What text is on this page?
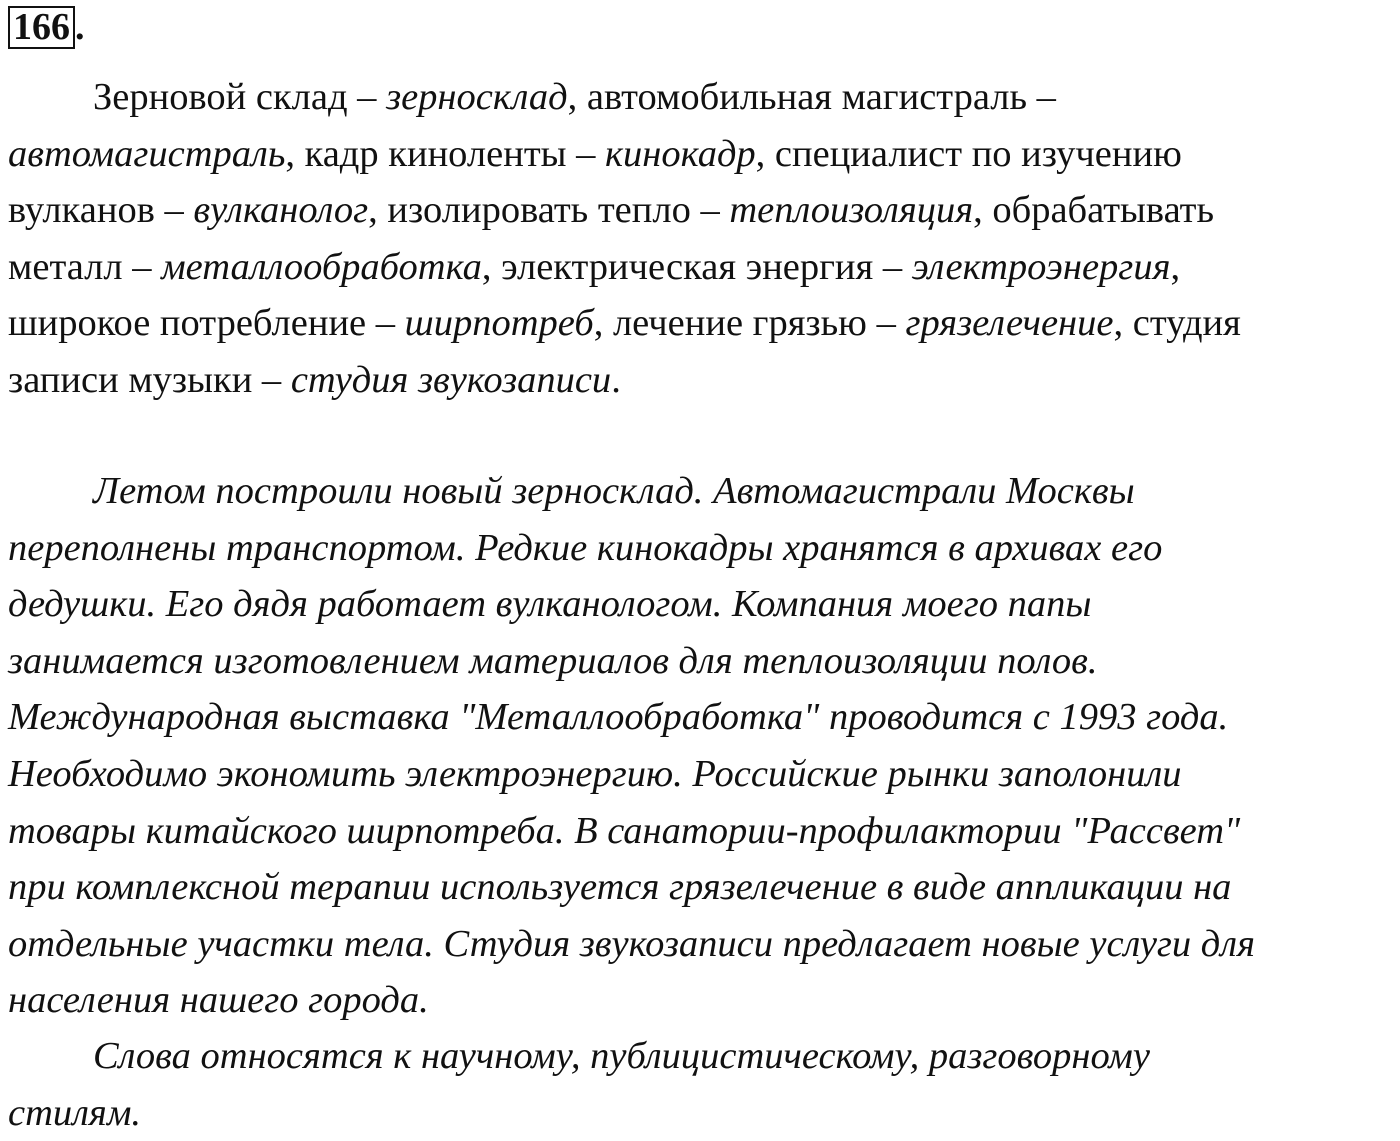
166 .

Зерновой склад – зерносклад, автомобильная магистраль –
автомагистраль, кадр киноленты – кинокадр, специалист по изучению
вулканов – вулканолог, изолировать тепло – теплоизоляция, обрабатывать
металл – металлообработка, электрическая энергия – электроэнергия,
широкое потребление – ширпотреб, лечение грязью – грязелечение, студия
записи музыки – студия звукозаписи.

Летом построили новый зерносклад. Автомагистрали Москвы
переполнены транспортом. Редкие кинокадры хранятся в архивах его
дедушки. Его дядя работает вулканологом. Компания моего папы
занимается изготовлением материалов для теплоизоляции полов.
Международная выставка "Металлообработка" проводится с 1993 года.
Необходимо экономить электроэнергию. Российские рынки заполонили
товары китайского ширпотреба. В санатории-профилактории "Рассвет"
при комплексной терапии используется грязелечение в виде аппликации на
отдельные участки тела. Студия звукозаписи предлагает новые услуги для
населения нашего города.

Слова относятся к научному, публицистическому, разговорному
стилям.
